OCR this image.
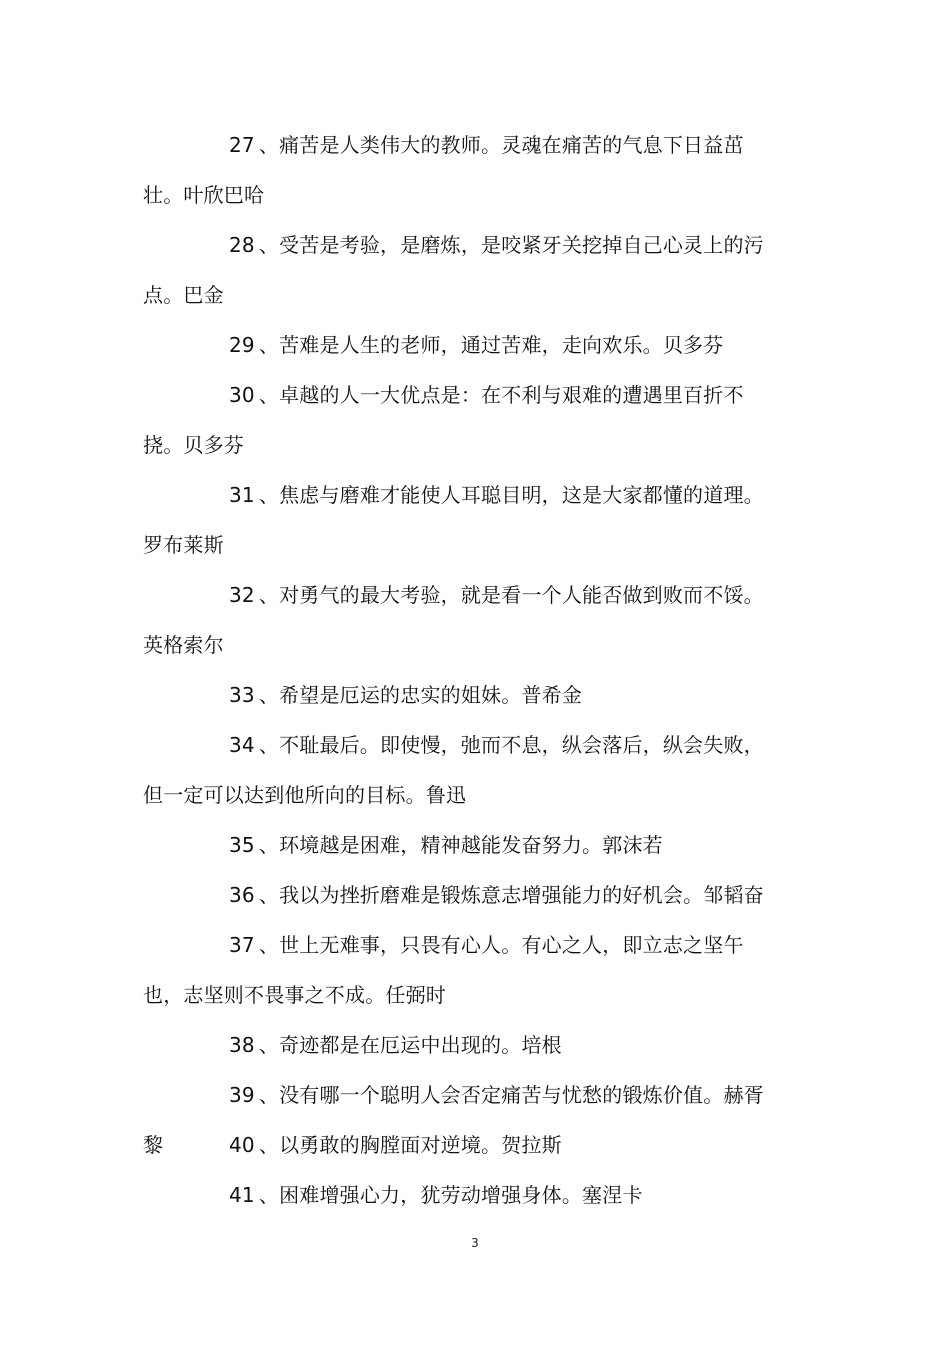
27 、痛苦是人类伟大的教师。灵魂在痛苦的气息下日益茁壮。叶欣巴哈

28 、受苦是考验，是磨炼，是咬紧牙关挖掉自己心灵上的污点。巴金

29 、苦难是人生的老师，通过苦难，走向欢乐。贝多芬

30 、卓越的人一大优点是：在不利与艰难的遭遇里百折不挠。贝多芬

31 、焦虑与磨难才能使人耳聪目明，这是大家都懂的道理。罗布莱斯

32 、对勇气的最大考验，就是看一个人能否做到败而不馁。英格索尔

33 、希望是厄运的忠实的姐妹。普希金

34 、不耻最后。即使慢，弛而不息，纵会落后，纵会失败，但一定可以达到他所向的目标。鲁迅

35 、环境越是困难，精神越能发奋努力。郭沫若

36 、我以为挫折磨难是锻炼意志增强能力的好机会。邹韬奋

37 、世上无难事，只畏有心人。有心之人，即立志之坚午也，志坚则不畏事之不成。任弼时

38 、奇迹都是在厄运中出现的。培根

39 、没有哪一个聪明人会否定痛苦与忧愁的锻炼价值。赫胥黎	40 、以勇敢的胸膛面对逆境。贺拉斯

41 、困难增强心力，犹劳动增强身体。塞涅卡

3
